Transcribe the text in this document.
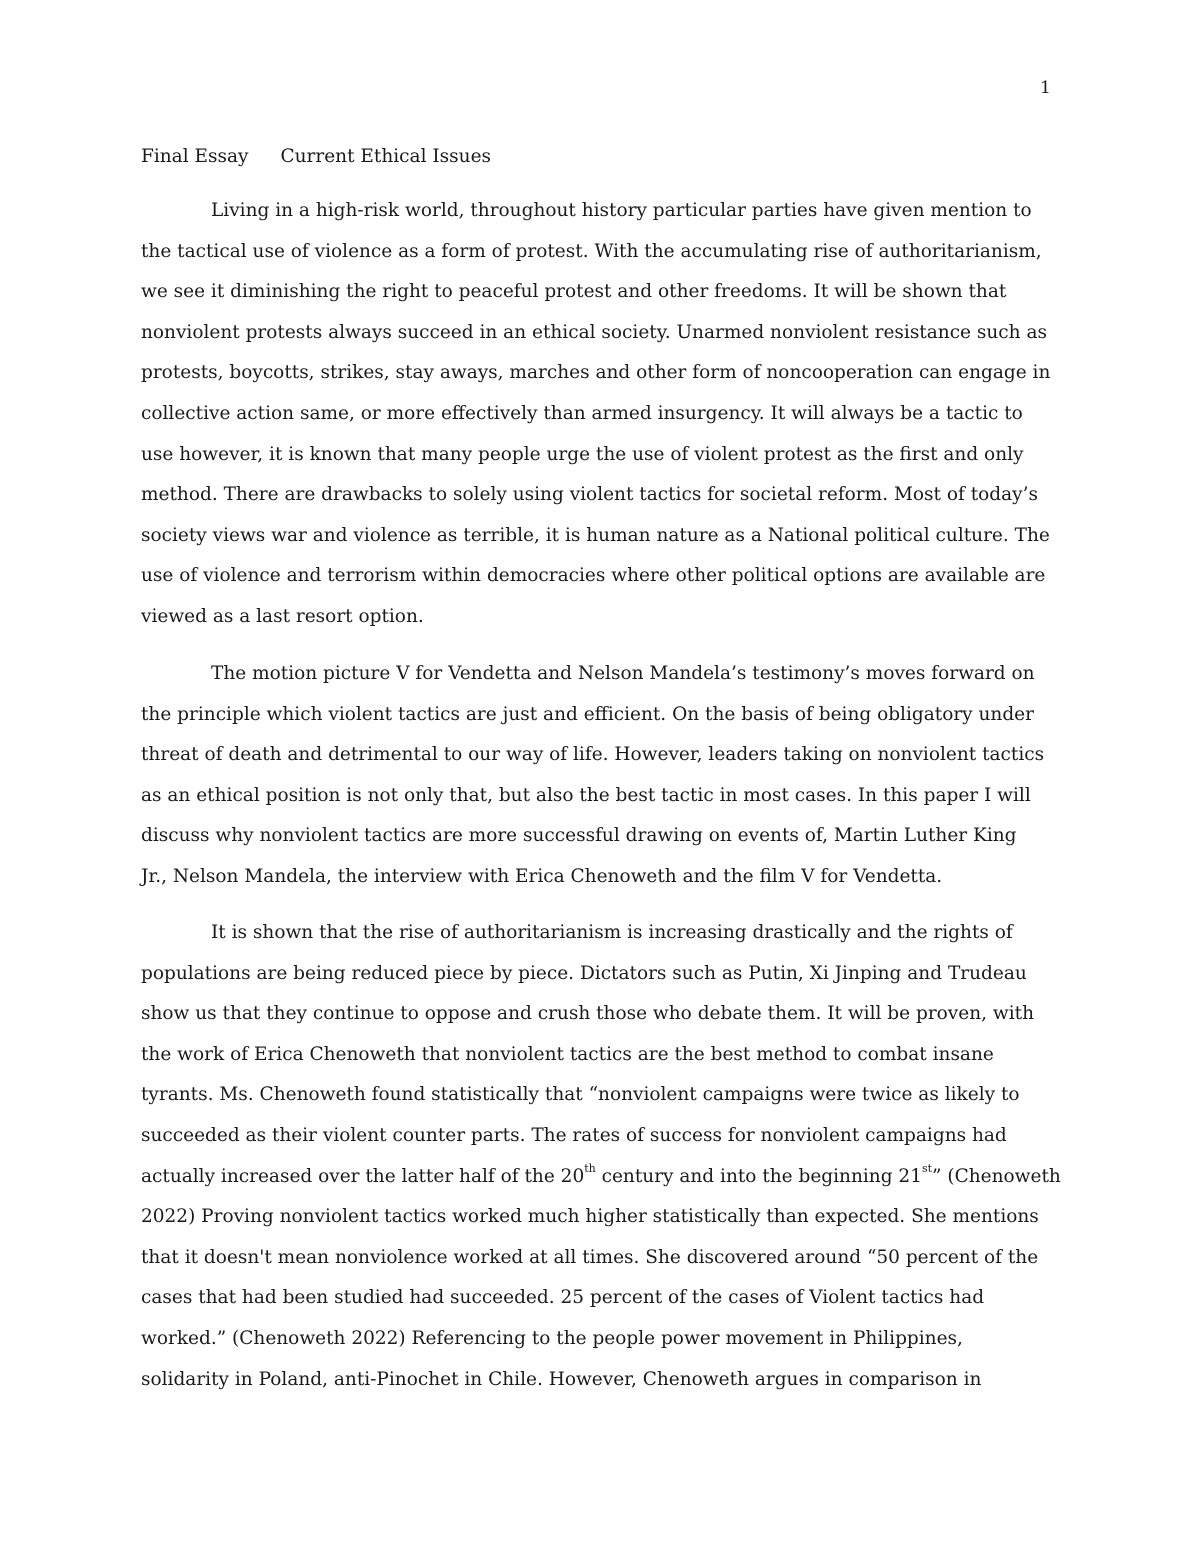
1
Final Essay Current Ethical Issues
Living in a high-risk world, throughout history particular parties have given mention to
the tactical use of violence as a form of protest. With the accumulating rise of authoritarianism,
we see it diminishing the right to peaceful protest and other freedoms. It will be shown that
nonviolent protests always succeed in an ethical society. Unarmed nonviolent resistance such as
protests, boycotts, strikes, stay aways, marches and other form of noncooperation can engage in
collective action same, or more effectively than armed insurgency. It will always be a tactic to
use however, it is known that many people urge the use of violent protest as the first and only
method. There are drawbacks to solely using violent tactics for societal reform. Most of today’s
society views war and violence as terrible, it is human nature as a National political culture. The
use of violence and terrorism within democracies where other political options are available are
viewed as a last resort option.
The motion picture V for Vendetta and Nelson Mandela’s testimony’s moves forward on
the principle which violent tactics are just and efficient. On the basis of being obligatory under
threat of death and detrimental to our way of life. However, leaders taking on nonviolent tactics
as an ethical position is not only that, but also the best tactic in most cases. In this paper I will
discuss why nonviolent tactics are more successful drawing on events of, Martin Luther King
Jr., Nelson Mandela, the interview with Erica Chenoweth and the film V for Vendetta.
It is shown that the rise of authoritarianism is increasing drastically and the rights of
populations are being reduced piece by piece. Dictators such as Putin, Xi Jinping and Trudeau
show us that they continue to oppose and crush those who debate them. It will be proven, with
the work of Erica Chenoweth that nonviolent tactics are the best method to combat insane
tyrants. Ms. Chenoweth found statistically that “nonviolent campaigns were twice as likely to
succeeded as their violent counter parts. The rates of success for nonviolent campaigns had
actually increased over the latter half of the 20th century and into the beginning 21st” (Chenoweth
2022) Proving nonviolent tactics worked much higher statistically than expected. She mentions
that it doesn't mean nonviolence worked at all times. She discovered around “50 percent of the
cases that had been studied had succeeded. 25 percent of the cases of Violent tactics had
worked.” (Chenoweth 2022) Referencing to the people power movement in Philippines,
solidarity in Poland, anti-Pinochet in Chile. However, Chenoweth argues in comparison in
